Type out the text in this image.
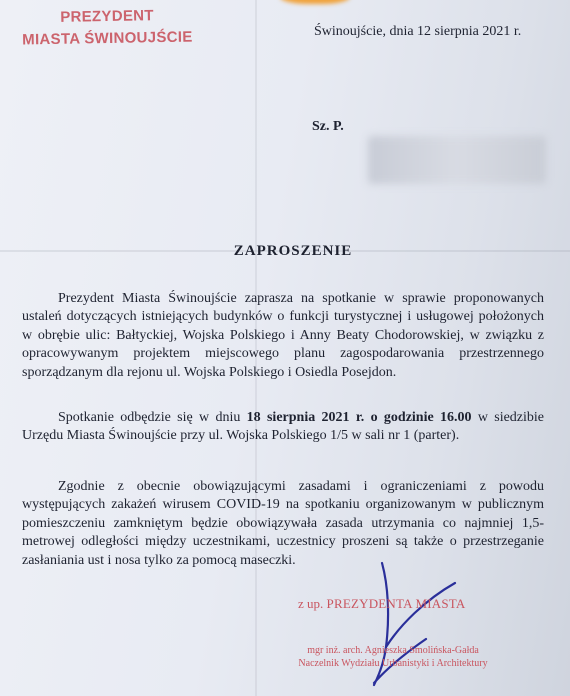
PREZYDENT
MIASTA ŚWINOUJŚCIE	Świnoujście, dnia 12 sierpnia 2021 r.
Sz. P.
ZAPROSZENIE

Prezydent Miasta Świnoujście zaprasza na spotkanie w sprawie proponowanych ustaleń dotyczących istniejących budynków o funkcji turystycznej i usługowej położonych w obrębie ulic: Bałtyckiej, Wojska Polskiego i Anny Beaty Chodorowskiej, w związku z opracowywanym projektem miejscowego planu zagospodarowania przestrzennego sporządzanym dla rejonu ul. Wojska Polskiego i Osiedla Posejdon.

Spotkanie odbędzie się w dniu 18 sierpnia 2021 r. o godzinie 16.00 w siedzibie Urzędu Miasta Świnoujście przy ul. Wojska Polskiego 1/5 w sali nr 1 (parter).

Zgodnie z obecnie obowiązującymi zasadami i ograniczeniami z powodu występujących zakażeń wirusem COVID-19 na spotkaniu organizowanym w publicznym pomieszczeniu zamkniętym będzie obowiązywała zasada utrzymania co najmniej 1,5-metrowej odległości między uczestnikami, uczestnicy proszeni są także o przestrzeganie zasłaniania ust i nosa tylko za pomocą maseczki.

z up. PREZYDENTA MIASTA
mgr inż. arch. Agnieszka Smolińska-Gałda
Naczelnik Wydziału Urbanistyki i Architektury
